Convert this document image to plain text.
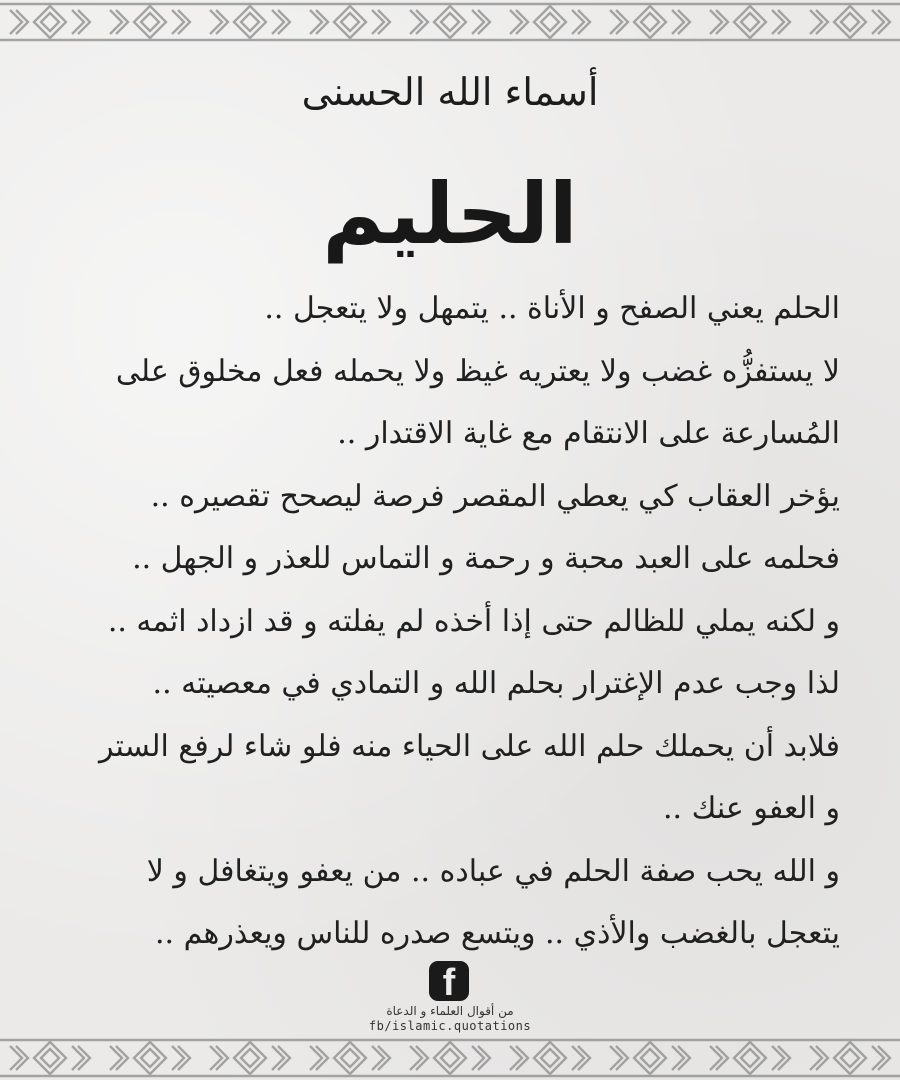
أسماء الله الحسنى
الحليم
الحلم يعني الصفح و الأناة .. يتمهل ولا يتعجل ..
لا يستفزُّه غضب ولا يعتريه غيظ ولا يحمله فعل مخلوق على
المُسارعة على الانتقام مع غاية الاقتدار ..
يؤخر العقاب كي يعطي المقصر فرصة ليصحح تقصيره ..
فحلمه على العبد محبة و رحمة و التماس للعذر و الجهل ..
و لكنه يملي للظالم حتى إذا أخذه لم يفلته و قد ازداد اثمه ..
لذا وجب عدم الإغترار بحلم الله و التمادي في معصيته ..
فلابد أن يحملك حلم الله على الحياء منه فلو شاء لرفع الستر
و العفو عنك ..
و الله يحب صفة الحلم في عباده .. من يعفو ويتغافل و لا
يتعجل بالغضب والأذي .. ويتسع صدره للناس ويعذرهم ..
f
من أقوال العلماء و الدعاة
fb/islamic.quotations
